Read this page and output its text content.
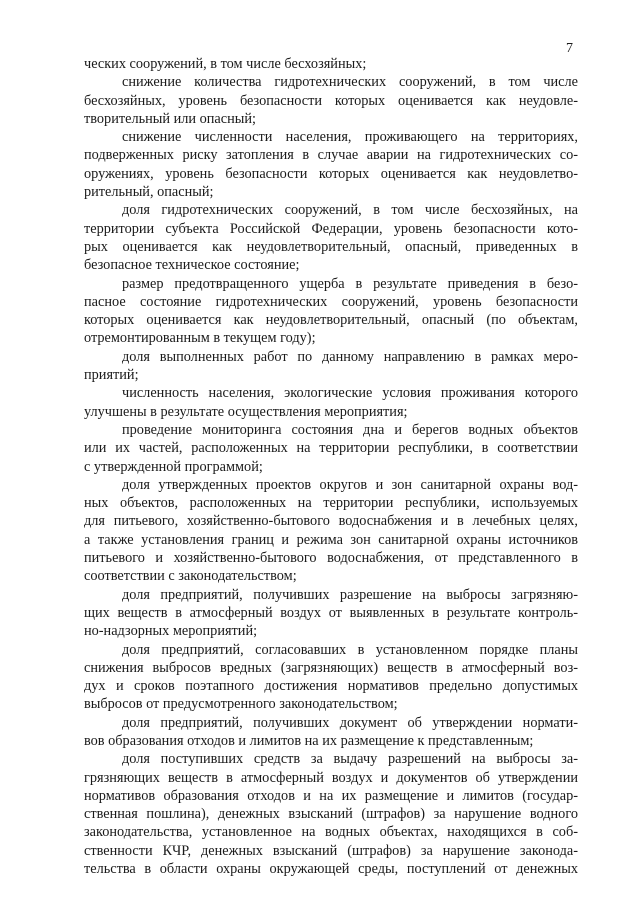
7
ческих сооружений, в том числе бесхозяйных;
снижение количества гидротехнических сооружений, в том числе
бесхозяйных, уровень безопасности которых оценивается как неудовле-
творительный или опасный;
снижение численности населения, проживающего на территориях,
подверженных риску затопления в случае аварии на гидротехнических со-
оружениях, уровень безопасности которых оценивается как неудовлетво-
рительный, опасный;
доля гидротехнических сооружений, в том числе бесхозяйных, на
территории субъекта Российской Федерации, уровень безопасности кото-
рых оценивается как неудовлетворительный, опасный, приведенных в
безопасное техническое состояние;
размер предотвращенного ущерба в результате приведения в безо-
пасное состояние гидротехнических сооружений, уровень безопасности
которых оценивается как неудовлетворительный, опасный (по объектам,
отремонтированным в текущем году);
доля выполненных работ по данному направлению в рамках меро-
приятий;
численность населения, экологические условия проживания которого
улучшены в результате осуществления мероприятия;
проведение мониторинга состояния дна и берегов водных объектов
или их частей, расположенных на территории республики, в соответствии
с утвержденной программой;
доля утвержденных проектов округов и зон санитарной охраны вод-
ных объектов, расположенных на территории республики, используемых
для питьевого, хозяйственно-бытового водоснабжения и в лечебных целях,
а также установления границ и режима зон санитарной охраны источников
питьевого и хозяйственно-бытового водоснабжения, от представленного в
соответствии с законодательством;
доля предприятий, получивших разрешение на выбросы загрязняю-
щих веществ в атмосферный воздух от выявленных в результате контроль-
но-надзорных мероприятий;
доля предприятий, согласовавших в установленном порядке планы
снижения выбросов вредных (загрязняющих) веществ в атмосферный воз-
дух и сроков поэтапного достижения нормативов предельно допустимых
выбросов от предусмотренного законодательством;
доля предприятий, получивших документ об утверждении нормати-
вов образования отходов и лимитов на их размещение к представленным;
доля поступивших средств за выдачу разрешений на выбросы за-
грязняющих веществ в атмосферный воздух и документов об утверждении
нормативов образования отходов и на их размещение и лимитов (государ-
ственная пошлина), денежных взысканий (штрафов) за нарушение водного
законодательства, установленное на водных объектах, находящихся в соб-
ственности КЧР, денежных взысканий (штрафов) за нарушение законода-
тельства в области охраны окружающей среды, поступлений от денежных
